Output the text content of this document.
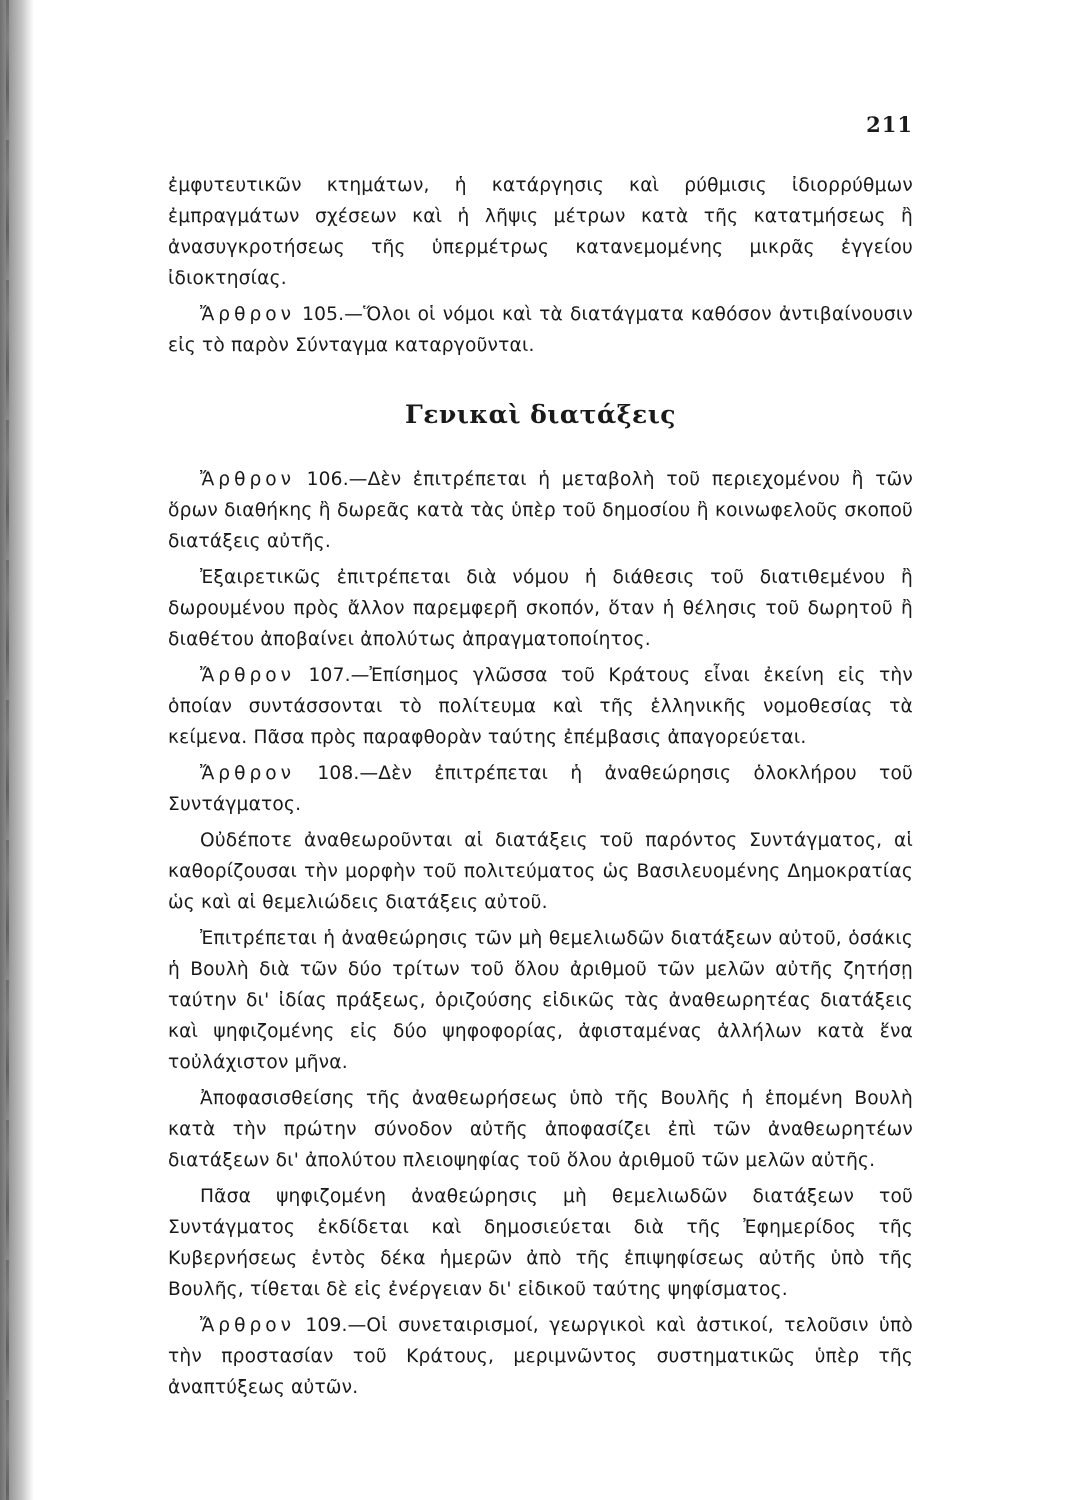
211

ἐμφυτευτικῶν κτημάτων, ἡ κατάργησις καὶ ρύθμισις ἰδιορρύθμων ἐμπραγμάτων σχέσεων καὶ ἡ λῆψις μέτρων κατὰ τῆς κατατμήσεως ἢ ἀνασυγκροτήσεως τῆς ὑπερμέτρως κατανεμομένης μικρᾶς ἐγγείου ἰδιοκτησίας.

Ἄρθρον 105.—Ὅλοι οἱ νόμοι καὶ τὰ διατάγματα καθόσον ἀντιβαίνουσιν εἰς τὸ παρὸν Σύνταγμα καταργοῦνται.

Γενικαὶ διατάξεις

Ἄρθρον 106.—Δὲν ἐπιτρέπεται ἡ μεταβολὴ τοῦ περιεχομένου ἢ τῶν ὅρων διαθήκης ἢ δωρεᾶς κατὰ τὰς ὑπὲρ τοῦ δημοσίου ἢ κοινωφελοῦς σκοποῦ διατάξεις αὐτῆς.

Ἐξαιρετικῶς ἐπιτρέπεται διὰ νόμου ἡ διάθεσις τοῦ διατιθεμένου ἢ δωρουμένου πρὸς ἄλλον παρεμφερῆ σκοπόν, ὅταν ἡ θέλησις τοῦ δωρητοῦ ἢ διαθέτου ἀποβαίνει ἀπολύτως ἀπραγματοποίητος.

Ἄρθρον 107.—Ἐπίσημος γλῶσσα τοῦ Κράτους εἶναι ἐκείνη εἰς τὴν ὁποίαν συντάσσονται τὸ πολίτευμα καὶ τῆς ἑλληνικῆς νομοθεσίας τὰ κείμενα. Πᾶσα πρὸς παραφθορὰν ταύτης ἐπέμβασις ἀπαγορεύεται.

Ἄρθρον 108.—Δὲν ἐπιτρέπεται ἡ ἀναθεώρησις ὁλοκλήρου τοῦ Συντάγματος.

Οὐδέποτε ἀναθεωροῦνται αἱ διατάξεις τοῦ παρόντος Συντάγματος, αἱ καθορίζουσαι τὴν μορφὴν τοῦ πολιτεύματος ὡς Βασιλευομένης Δημοκρατίας ὡς καὶ αἱ θεμελιώδεις διατάξεις αὐτοῦ.

Ἐπιτρέπεται ἡ ἀναθεώρησις τῶν μὴ θεμελιωδῶν διατάξεων αὐτοῦ, ὁσάκις ἡ Βουλὴ διὰ τῶν δύο τρίτων τοῦ ὅλου ἀριθμοῦ τῶν μελῶν αὐτῆς ζητήσῃ ταύτην δι' ἰδίας πράξεως, ὁριζούσης εἰδικῶς τὰς ἀναθεωρητέας διατάξεις καὶ ψηφιζομένης εἰς δύο ψηφοφορίας, ἀφισταμένας ἀλλήλων κατὰ ἕνα τοὐλάχιστον μῆνα.

Ἀποφασισθείσης τῆς ἀναθεωρήσεως ὑπὸ τῆς Βουλῆς ἡ ἑπομένη Βουλὴ κατὰ τὴν πρώτην σύνοδον αὐτῆς ἀποφασίζει ἐπὶ τῶν ἀναθεωρητέων διατάξεων δι' ἀπολύτου πλειοψηφίας τοῦ ὅλου ἀριθμοῦ τῶν μελῶν αὐτῆς.

Πᾶσα ψηφιζομένη ἀναθεώρησις μὴ θεμελιωδῶν διατάξεων τοῦ Συντάγματος ἐκδίδεται καὶ δημοσιεύεται διὰ τῆς Ἐφημερίδος τῆς Κυβερνήσεως ἐντὸς δέκα ἡμερῶν ἀπὸ τῆς ἐπιψηφίσεως αὐτῆς ὑπὸ τῆς Βουλῆς, τίθεται δὲ εἰς ἐνέργειαν δι' εἰδικοῦ ταύτης ψηφίσματος.

Ἄρθρον 109.—Οἱ συνεταιρισμοί, γεωργικοὶ καὶ ἀστικοί, τελοῦσιν ὑπὸ τὴν προστασίαν τοῦ Κράτους, μεριμνῶντος συστηματικῶς ὑπὲρ τῆς ἀναπτύξεως αὐτῶν.
